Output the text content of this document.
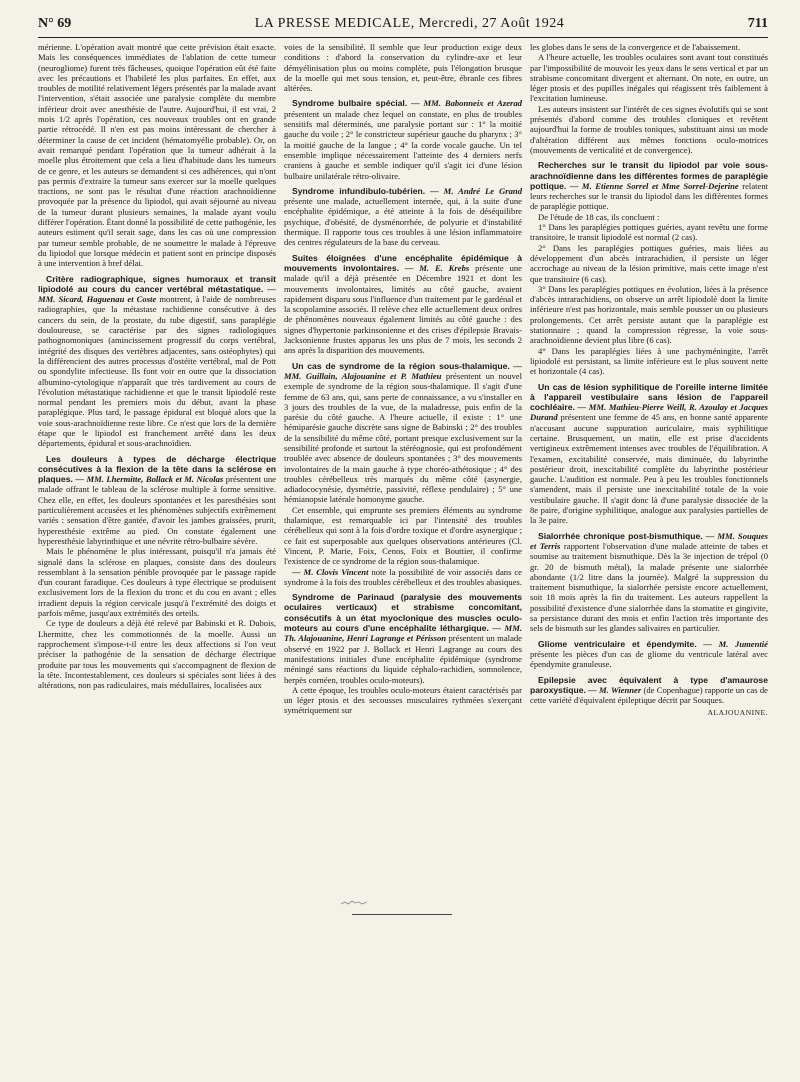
N° 69	LA PRESSE MEDICALE, Mercredi, 27 Août 1924	711

mérienne. L'opération avait montré que cette prévision était exacte. Mais les conséquences immédiates de l'ablation de cette tumeur (neurogliome) furent très fâcheuses, quoique l'opération eût été faite avec les précautions et l'habileté les plus parfaites. En effet, aux troubles de motilité relativement légers présentés par la malade avant l'intervention, s'était associée une paralysie complète du membre inférieur droit avec anesthésie de l'autre. Aujourd'hui, il est vrai, 2 mois 1/2 après l'opération, ces nouveaux troubles ont en grande partie rétrocédé. Il n'en est pas moins intéressant de chercher à déterminer la cause de cet incident (hématomyélie probable). Or, on avait remarqué pendant l'opération que la tumeur adhérait à la moelle plus étroitement que cela a lieu d'habitude dans les tumeurs de ce genre, et les auteurs se demandent si ces adhérences, qui n'ont pas permis d'extraire la tumeur sans exercer sur la moelle quelques tractions, ne sont pas le résultat d'une réaction arachnoïdienne provoquée par la présence du lipiodol, qui avait séjourné au niveau de la tumeur durant plusieurs semaines, la malade ayant voulu différer l'opération. Étant donné la possibilité de cette pathogénie, les auteurs estiment qu'il serait sage, dans les cas où une compression par tumeur semble probable, de ne soumettre le malade à l'épreuve du lipiodol que lorsque médecin et patient sont en principe disposés à une intervention à bref délai.

Critère radiographique, signes humoraux et transit lipiodolé au cours du cancer vertébral métastatique. — MM. Sicard, Haguenau et Coste montrent, à l'aide de nombreuses radiographies, que la métastase rachidienne consécutive à des cancers du sein, de la prostate, du tube digestif, sans paraplégie douloureuse, se caractérise par des signes radiologiques pathognomoniques (amincissement progressif du corps vertébral, intégrité des disques des vertèbres adjacentes, sans ostéophytes) qui la différencient des autres processus d'ostéite vertébral, mal de Pott ou spondylite infectieuse. Ils font voir en outre que la dissociation albumino-cytologique n'apparaît que très tardivement au cours de l'évolution métastatique rachidienne et que le transit lipiodolé reste normal pendant les premiers mois du début, avant la phase paraplégique. Plus tard, le passage épidural est bloqué alors que la voie sous-arachnoïdienne reste libre. Ce n'est que lors de la dernière étape que le lipiodol est franchement arrêté dans les deux départements, épidural et sous-arachnoïdien.

Les douleurs à types de décharge électrique consécutives à la flexion de la tête dans la sclérose en plaques. — MM. Lhermitte, Bollack et M. Nicolas présentent une malade offrant le tableau de la sclérose multiple à forme sensitive. Chez elle, en effet, les douleurs spontanées et les paresthésies sont particulièrement accusées et les phénomènes subjectifs extrêmement variés : sensation d'être gantée, d'avoir les jambes graissées, prurit, hyperesthésie extrême au pied. On constate également une hyperesthésie labyrinthique et une névrite rétro-bulbaire sévère.

Mais le phénomène le plus intéressant, puisqu'il n'a jamais été signalé dans la sclérose en plaques, consiste dans des douleurs ressemblant à la sensation pénible provoquée par le passage rapide d'un courant faradique. Ces douleurs à type électrique se produisent exclusivement lors de la flexion du tronc et du cou en avant ; elles irradient depuis la région cervicale jusqu'à l'extrémité des doigts et parfois même, jusqu'aux extrémités des orteils.

Ce type de douleurs a déjà été relevé par Babinski et R. Dubois, Lhermitte, chez les commotionnés de la moelle. Aussi un rapprochement s'impose-t-il entre les deux affections si l'on veut préciser la pathogénie de la sensation de décharge électrique produite par tous les mouvements qui s'accompagnent de flexion de la tête. Incontestablement, ces douleurs si spéciales sont liées à des altérations, non pas radiculaires, mais médullaires, localisées aux

voies de la sensibilité. Il semble que leur production exige deux conditions : d'abord la conservation du cylindre-axe et leur démyélinisation plus ou moins complète, puis l'élongation brusque de la moelle qui met sous tension, et, peut-être, ébranle ces fibres altérées.

Syndrome bulbaire spécial. — MM. Babonneix et Azerad présentent un malade chez lequel on constate, en plus de troubles sensitifs mal déterminés, une paralysie portant sur : 1° la moitié gauche du voile ; 2° le constricteur supérieur gauche du pharynx ; 3° la moitié gauche de la langue ; 4° la corde vocale gauche. Un tel ensemble implique nécessairement l'atteinte des 4 derniers nerfs craniens à gauche et semble indiquer qu'il s'agit ici d'une lésion bulbaire unilatérale rétro-olivaire.

Syndrome infundibulo-tubérien. — M. André Le Grand présente une malade, actuellement internée, qui, à la suite d'une encéphalite épidémique, a été atteinte à la fois de déséquilibre psychique, d'obésité, de dysménorrhée, de polyurie et d'instabilité thermique. Il rapporte tous ces troubles à une lésion inflammatoire des centres régulateurs de la base du cerveau.

Suites éloignées d'une encéphalite épidémique à mouvements involontaires. — M. E. Krebs présente une malade qu'il a déjà présentée en Décembre 1921 et dont les mouvements involontaires, limités au côté gauche, avaient rapidement disparu sous l'influence d'un traitement par le gardénal et la scopolamine associés. Il relève chez elle actuellement deux ordres de phénomènes nouveaux également limités au côté gauche : des signes d'hypertonie parkinsonienne et des crises d'épilepsie Bravais-Jacksonienne frustes apparus les uns plus de 7 mois, les seconds 2 ans après la disparition des mouvements.

Un cas de syndrome de la région sous-thalamique. — MM. Guillain, Alajouanine et P. Mathieu présentent un nouvel exemple de syndrome de la région sous-thalamique. Il s'agit d'une femme de 63 ans, qui, sans perte de connaissance, a vu s'installer en 3 jours des troubles de la vue, de la maladresse, puis enfin de la parésie du côté gauche. A l'heure actuelle, il existe : 1° une hémiparésie gauche discrète sans signe de Babinski ; 2° des troubles de la sensibilité du même côté, portant presque exclusivement sur la sensibilité profonde et surtout la stéréognosie, qui est profondément troublée avec absence de douleurs spontanées ; 3° des mouvements involontaires de la main gauche à type choréo-athétosique ; 4° des troubles cérébelleux très marqués du même côté (asynergie, adiadococynésie, dysmétrie, passivité, réflexe pendulaire) ; 5° une hémianopsie latérale homonyme gauche.

Cet ensemble, qui emprunte ses premiers éléments au syndrome thalamique, est remarquable ici par l'intensité des troubles cérébelleux qui sont à la fois d'ordre toxique et d'ordre asynergique ; ce fait est superposable aux quelques observations antérieures (Cl. Vincent, P. Marie, Foix, Cenos, Foix et Bouttier, il confirme l'existence de ce syndrome de la région sous-thalamique.

— M. Clovis Vincent note la possibilité de voir associés dans ce syndrome à la fois des troubles cérébelleux et des troubles abasiques.

Syndrome de Parinaud (paralysie des mouvements oculaires verticaux) et strabisme concomitant, consécutifs à un état myoclonique des muscles oculo-moteurs au cours d'une encéphalite léthargique. — MM. Th. Alajouanine, Henri Lagrange et Périsson présentent un malade observé en 1922 par J. Bollack et Henri Lagrange au cours des manifestations initiales d'une encéphalite épidémique (syndrome méningé sans réactions du liquide céphalo-rachidien, somnolence, herpès cornéen, troubles oculo-moteurs).

A cette époque, les troubles oculo-moteurs étaient caractérisés par un léger ptosis et des secousses musculaires rythmées s'exerçant symétriquement sur

les globes dans le sens de la convergence et de l'abaissement.

A l'heure actuelle, les troubles oculaires sont avant tout constitués par l'impossibilité de mouvoir les yeux dans le sens vertical et par un strabisme concomitant divergent et alternant. On note, en outre, un léger ptosis et des pupilles inégales qui réagissent très faiblement à l'excitation lumineuse.

Les auteurs insistent sur l'intérêt de ces signes évolutifs qui se sont présentés d'abord comme des troubles cloniques et revêtent aujourd'hui la forme de troubles toniques, substituant ainsi un mode d'altération différent aux mêmes fonctions oculo-motrices (mouvements de verticalité et de convergence).

Recherches sur le transit du lipiodol par voie sous-arachnoïdienne dans les différentes formes de paraplégie pottique. — M. Etienne Sorrel et Mme Sorrel-Dejerine relatent leurs recherches sur le transit du lipiodol dans les différentes formes de paraplégie pottique.

De l'étude de 18 cas, ils concluent :

1° Dans les paraplégies pottiques guéries, ayant revêtu une forme transitoire, le transit lipiodolé est normal (2 cas).

2° Dans les paraplégies pottiques guéries, mais liées au développement d'un abcès intrarachidien, il persiste un léger accrochage au niveau de la lésion primitive, mais cette image n'est que transitoire (6 cas).

3° Dans les paraplégies pottiques en évolution, liées à la présence d'abcès intrarachidiens, on observe un arrêt lipiodolé dont la limite inférieure n'est pas horizontale, mais semble pousser un ou plusieurs prolongements. Cet arrêt persiste autant que la paraplégie est stationnaire ; quand la compression régresse, la voie sous-arachnoïdienne devient plus libre (6 cas).

4° Dans les paraplégies liées à une pachyméningite, l'arrêt lipiodolé est persistant, sa limite inférieure est le plus souvent nette et horizontale (4 cas).

Un cas de lésion syphilitique de l'oreille interne limitée à l'appareil vestibulaire sans lésion de l'appareil cochléaire. — MM. Mathieu-Pierre Weill, R. Azoulay et Jacques Durand présentent une femme de 45 ans, en bonne santé apparente n'accusant aucune suppuration auriculaire, mais syphilitique certaine. Brusquement, un matin, elle est prise d'accidents vertigineux extrêmement intenses avec troubles de l'équilibration. A l'examen, excitabilité conservée, mais diminuée, du labyrinthe postérieur droit, inexcitabilité complète du labyrinthe postérieur gauche. L'audition est normale. Peu à peu les troubles fonctionnels s'amendent, mais il persiste une inexcitabilité totale de la voie vestibulaire gauche. Il s'agit donc là d'une paralysie dissociée de la 8e paire, d'origine syphilitique, analogue aux paralysies partielles de la 3e paire.

Sialorrhée chronique post-bismuthique. — MM. Souques et Terris rapportent l'observation d'une malade atteinte de tabes et soumise au traitement bismuthique. Dès la 3e injection de trépol (0 gr. 20 de bismuth métal), la malade présente une sialorrhée abondante (1/2 litre dans la journée). Malgré la suppression du traitement bismuthique, la sialorrhée persiste encore actuellement, soit 18 mois après la fin du traitement. Les auteurs rappellent la possibilité d'existence d'une sialorrhée dans la stomatite et gingivite, sa persistance durant des mois et enfin l'action très importante des sels de bismuth sur les glandes salivaires en particulier.

Gliome ventriculaire et épendymite. — M. Jumentié présente les pièces d'un cas de gliome du ventricule latéral avec épendymite granuleuse.

Epilepsie avec équivalent à type d'amaurose paroxystique. — M. Wienner (de Copenhague) rapporte un cas de cette variété d'équivalent épileptique décrit par Souques.

ALAJOUANINE.
